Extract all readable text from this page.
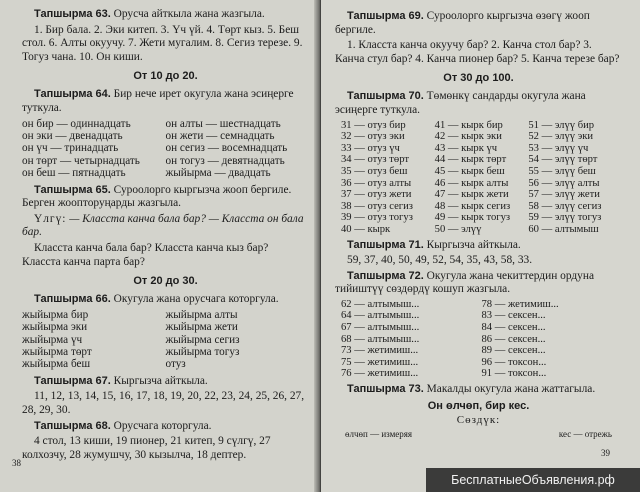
Тапшырма 63. Орусча айткыла жана жазгыла.

1. Бир бала. 2. Эки китеп. 3. Үч үй. 4. Төрт кыз. 5. Беш стол. 6. Алты окуучу. 7. Жети мугалим. 8. Сегиз терезе. 9. Тогуз чана. 10. Он киши.

От 10 до 20.

Тапшырма 64. Бир нече ирет окугула жана эсиңерге туткула.

он бир — одиннадцать	он алты — шестнадцать
он эки — двенадцать	он жети — семнадцать
он үч — тринадцать	он сегиз — восемнадцать
он төрт — четырнадцать	он тогуз — девятнадцать
он беш — пятнадцать	жыйырма — двадцать

Тапшырма 65. Суроолорго кыргызча жооп бергиле. Берген жоопторуңарды жазгыла.

Үлгү: — Класста канча бала бар? — Класста он бала бар.

Класста канча бала бар? Класста канча кыз бар? Класста канча парта бар?

От 20 до 30.

Тапшырма 66. Окугула жана орусчага которгула.

жыйырма бир	жыйырма алты
жыйырма эки	жыйырма жети
жыйырма үч	жыйырма сегиз
жыйырма төрт	жыйырма тогуз
жыйырма беш	отуз

Тапшырма 67. Кыргызча айткыла.

11, 12, 13, 14, 15, 16, 17, 18, 19, 20, 22, 23, 24, 25, 26, 27, 28, 29, 30.

Тапшырма 68. Орусчага которгула.

4 стол, 13 киши, 19 пионер, 21 китеп, 9 сүлгү, 27 колхозчу, 28 жумушчу, 30 кызылча, 18 дептер.

38

Тапшырма 69. Суроолорго кыргызча өзөгү жооп бергиле.

1. Класста канча окуучу бар? 2. Канча стол бар? 3. Канча стул бар? 4. Канча пионер бар? 5. Канча терезе бар?

От 30 до 100.

Тапшырма 70. Төмөнкү сандарды окугула жана эсиңерге туткула.

31 — отуз бир	41 — кырк бир	51 — элүү бир
32 — отуз эки	42 — кырк эки	52 — элүү эки
33 — отуз үч	43 — кырк үч	53 — элүү үч
34 — отуз төрт	44 — кырк төрт	54 — элүү төрт
35 — отуз беш	45 — кырк беш	55 — элүү беш
36 — отуз алты	46 — кырк алты	56 — элүү алты
37 — отуз жети	47 — кырк жети	57 — элүү жети
38 — отуз сегиз	48 — кырк сегиз	58 — элүү сегиз
39 — отуз тогуз	49 — кырк тогуз	59 — элүү тогуз
40 — кырк	50 — элүү	60 — алтымыш

Тапшырма 71. Кыргызча айткыла.

59, 37, 40, 50, 49, 52, 54, 35, 43, 58, 33.

Тапшырма 72. Окугула жана чекиттердин ордуна тийиштүү сөздөрдү кошуп жазгыла.

62 — алтымыш...	78 — жетимиш...
64 — алтымыш...	83 — сексен...
67 — алтымыш...	84 — сексен...
68 — алтымыш...	86 — сексен...
73 — жетимиш...	89 — сексен...
75 — жетимиш...	96 — токсон...
76 — жетимиш...	91 — токсон...

Тапшырма 73. Макалды окугула жана жаттагыла.

Он өлчөп, бир кес.

Сөздүк:

өлчөп — измеряя	кес — отрежь
39
БесплатныеОбъявления.рф
